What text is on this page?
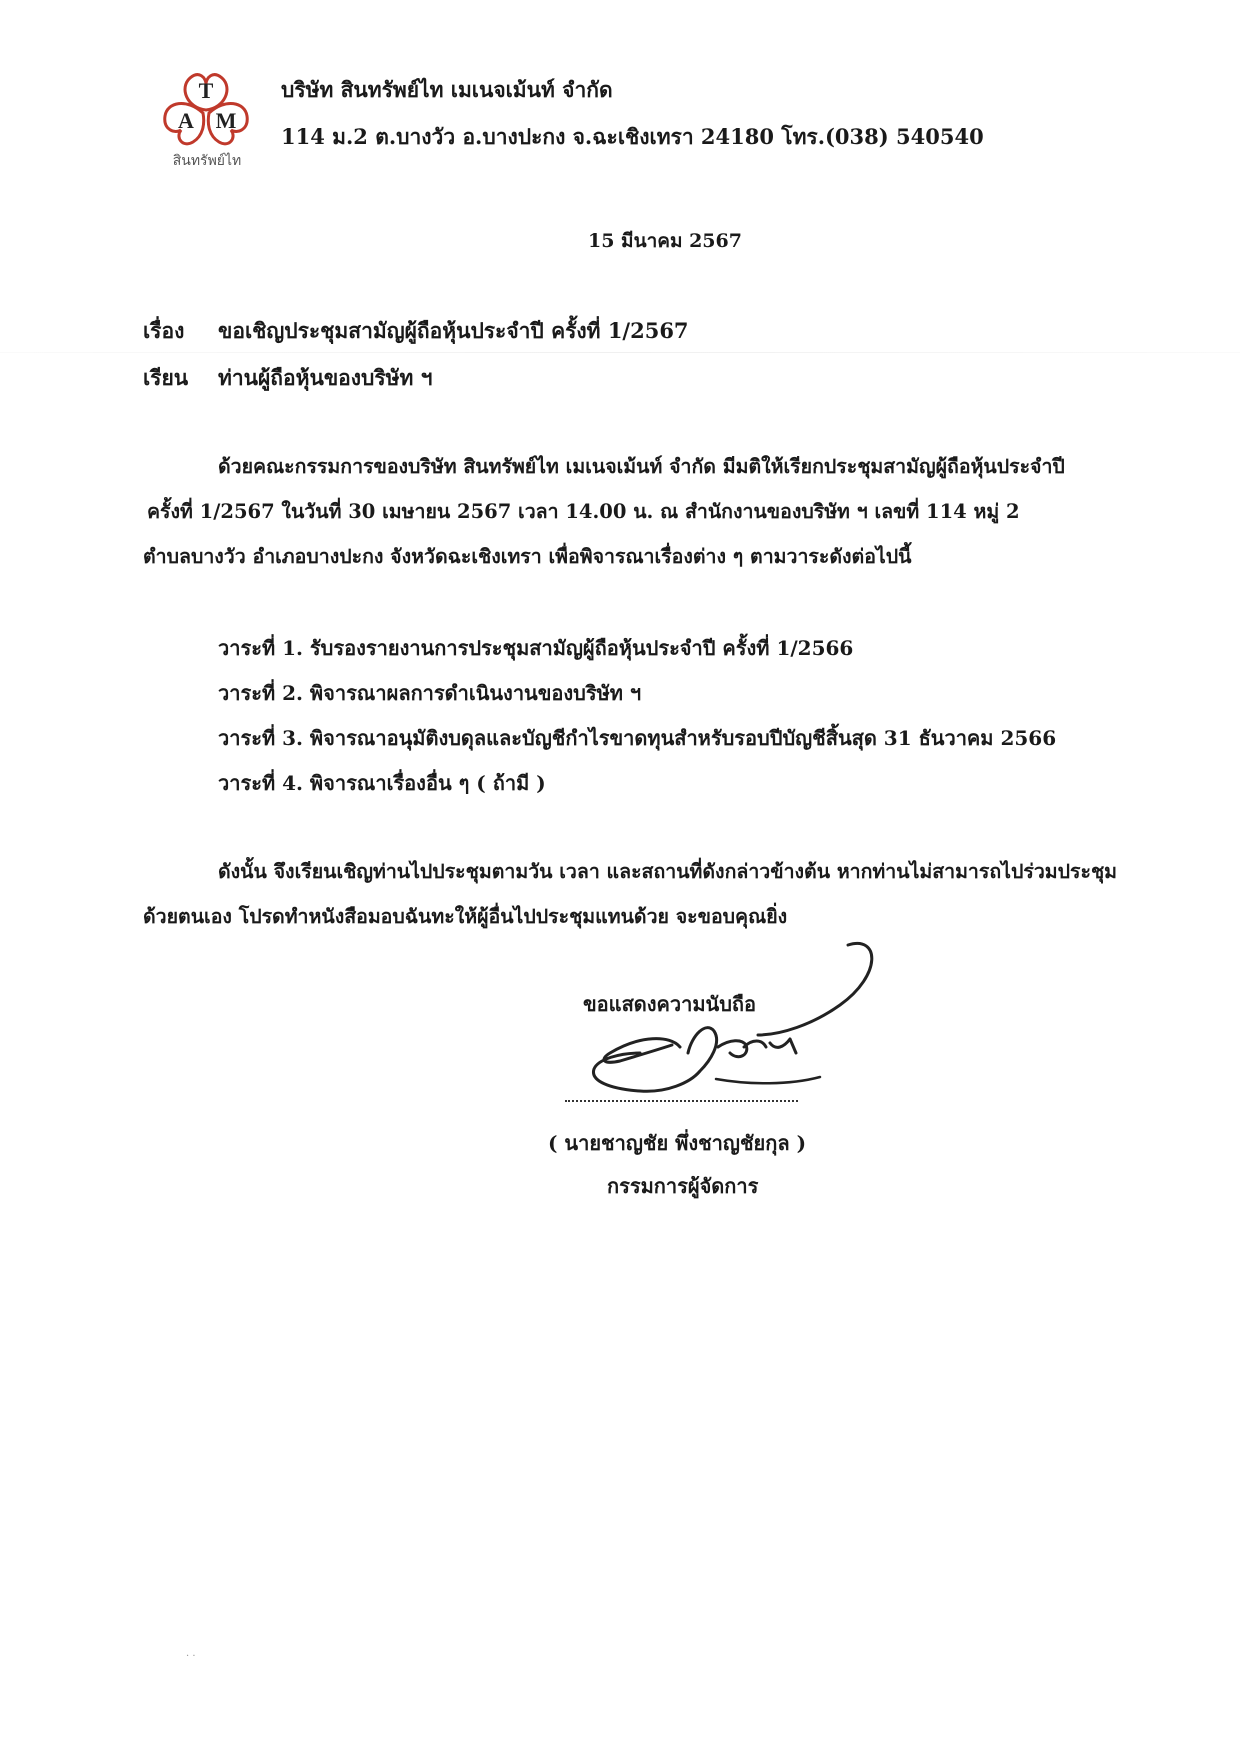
T
A M
สินทรัพย์ไท
บริษัท สินทรัพย์ไท เมเนจเม้นท์ จำกัด
114 ม.2 ต.บางวัว อ.บางปะกง จ.ฉะเชิงเทรา 24180 โทร.(038) 540540
15 มีนาคม 2567
เรื่อง ขอเชิญประชุมสามัญผู้ถือหุ้นประจำปี ครั้งที่ 1/2567
เรียน ท่านผู้ถือหุ้นของบริษัท ฯ
ด้วยคณะกรรมการของบริษัท สินทรัพย์ไท เมเนจเม้นท์ จำกัด มีมติให้เรียกประชุมสามัญผู้ถือหุ้นประจำปี
ครั้งที่ 1/2567 ในวันที่ 30 เมษายน 2567 เวลา 14.00 น. ณ สำนักงานของบริษัท ฯ เลขที่ 114 หมู่ 2
ตำบลบางวัว อำเภอบางปะกง จังหวัดฉะเชิงเทรา เพื่อพิจารณาเรื่องต่าง ๆ ตามวาระดังต่อไปนี้
วาระที่ 1. รับรองรายงานการประชุมสามัญผู้ถือหุ้นประจำปี ครั้งที่ 1/2566
วาระที่ 2. พิจารณาผลการดำเนินงานของบริษัท ฯ
วาระที่ 3. พิจารณาอนุมัติงบดุลและบัญชีกำไรขาดทุนสำหรับรอบปีบัญชีสิ้นสุด 31 ธันวาคม 2566
วาระที่ 4. พิจารณาเรื่องอื่น ๆ ( ถ้ามี )
ดังนั้น จึงเรียนเชิญท่านไปประชุมตามวัน เวลา และสถานที่ดังกล่าวข้างต้น หากท่านไม่สามารถไปร่วมประชุม
ด้วยตนเอง โปรดทำหนังสือมอบฉันทะให้ผู้อื่นไปประชุมแทนด้วย จะขอบคุณยิ่ง
ขอแสดงความนับถือ
( นายชาญชัย พึ่งชาญชัยกุล )
กรรมการผู้จัดการ
· ·
